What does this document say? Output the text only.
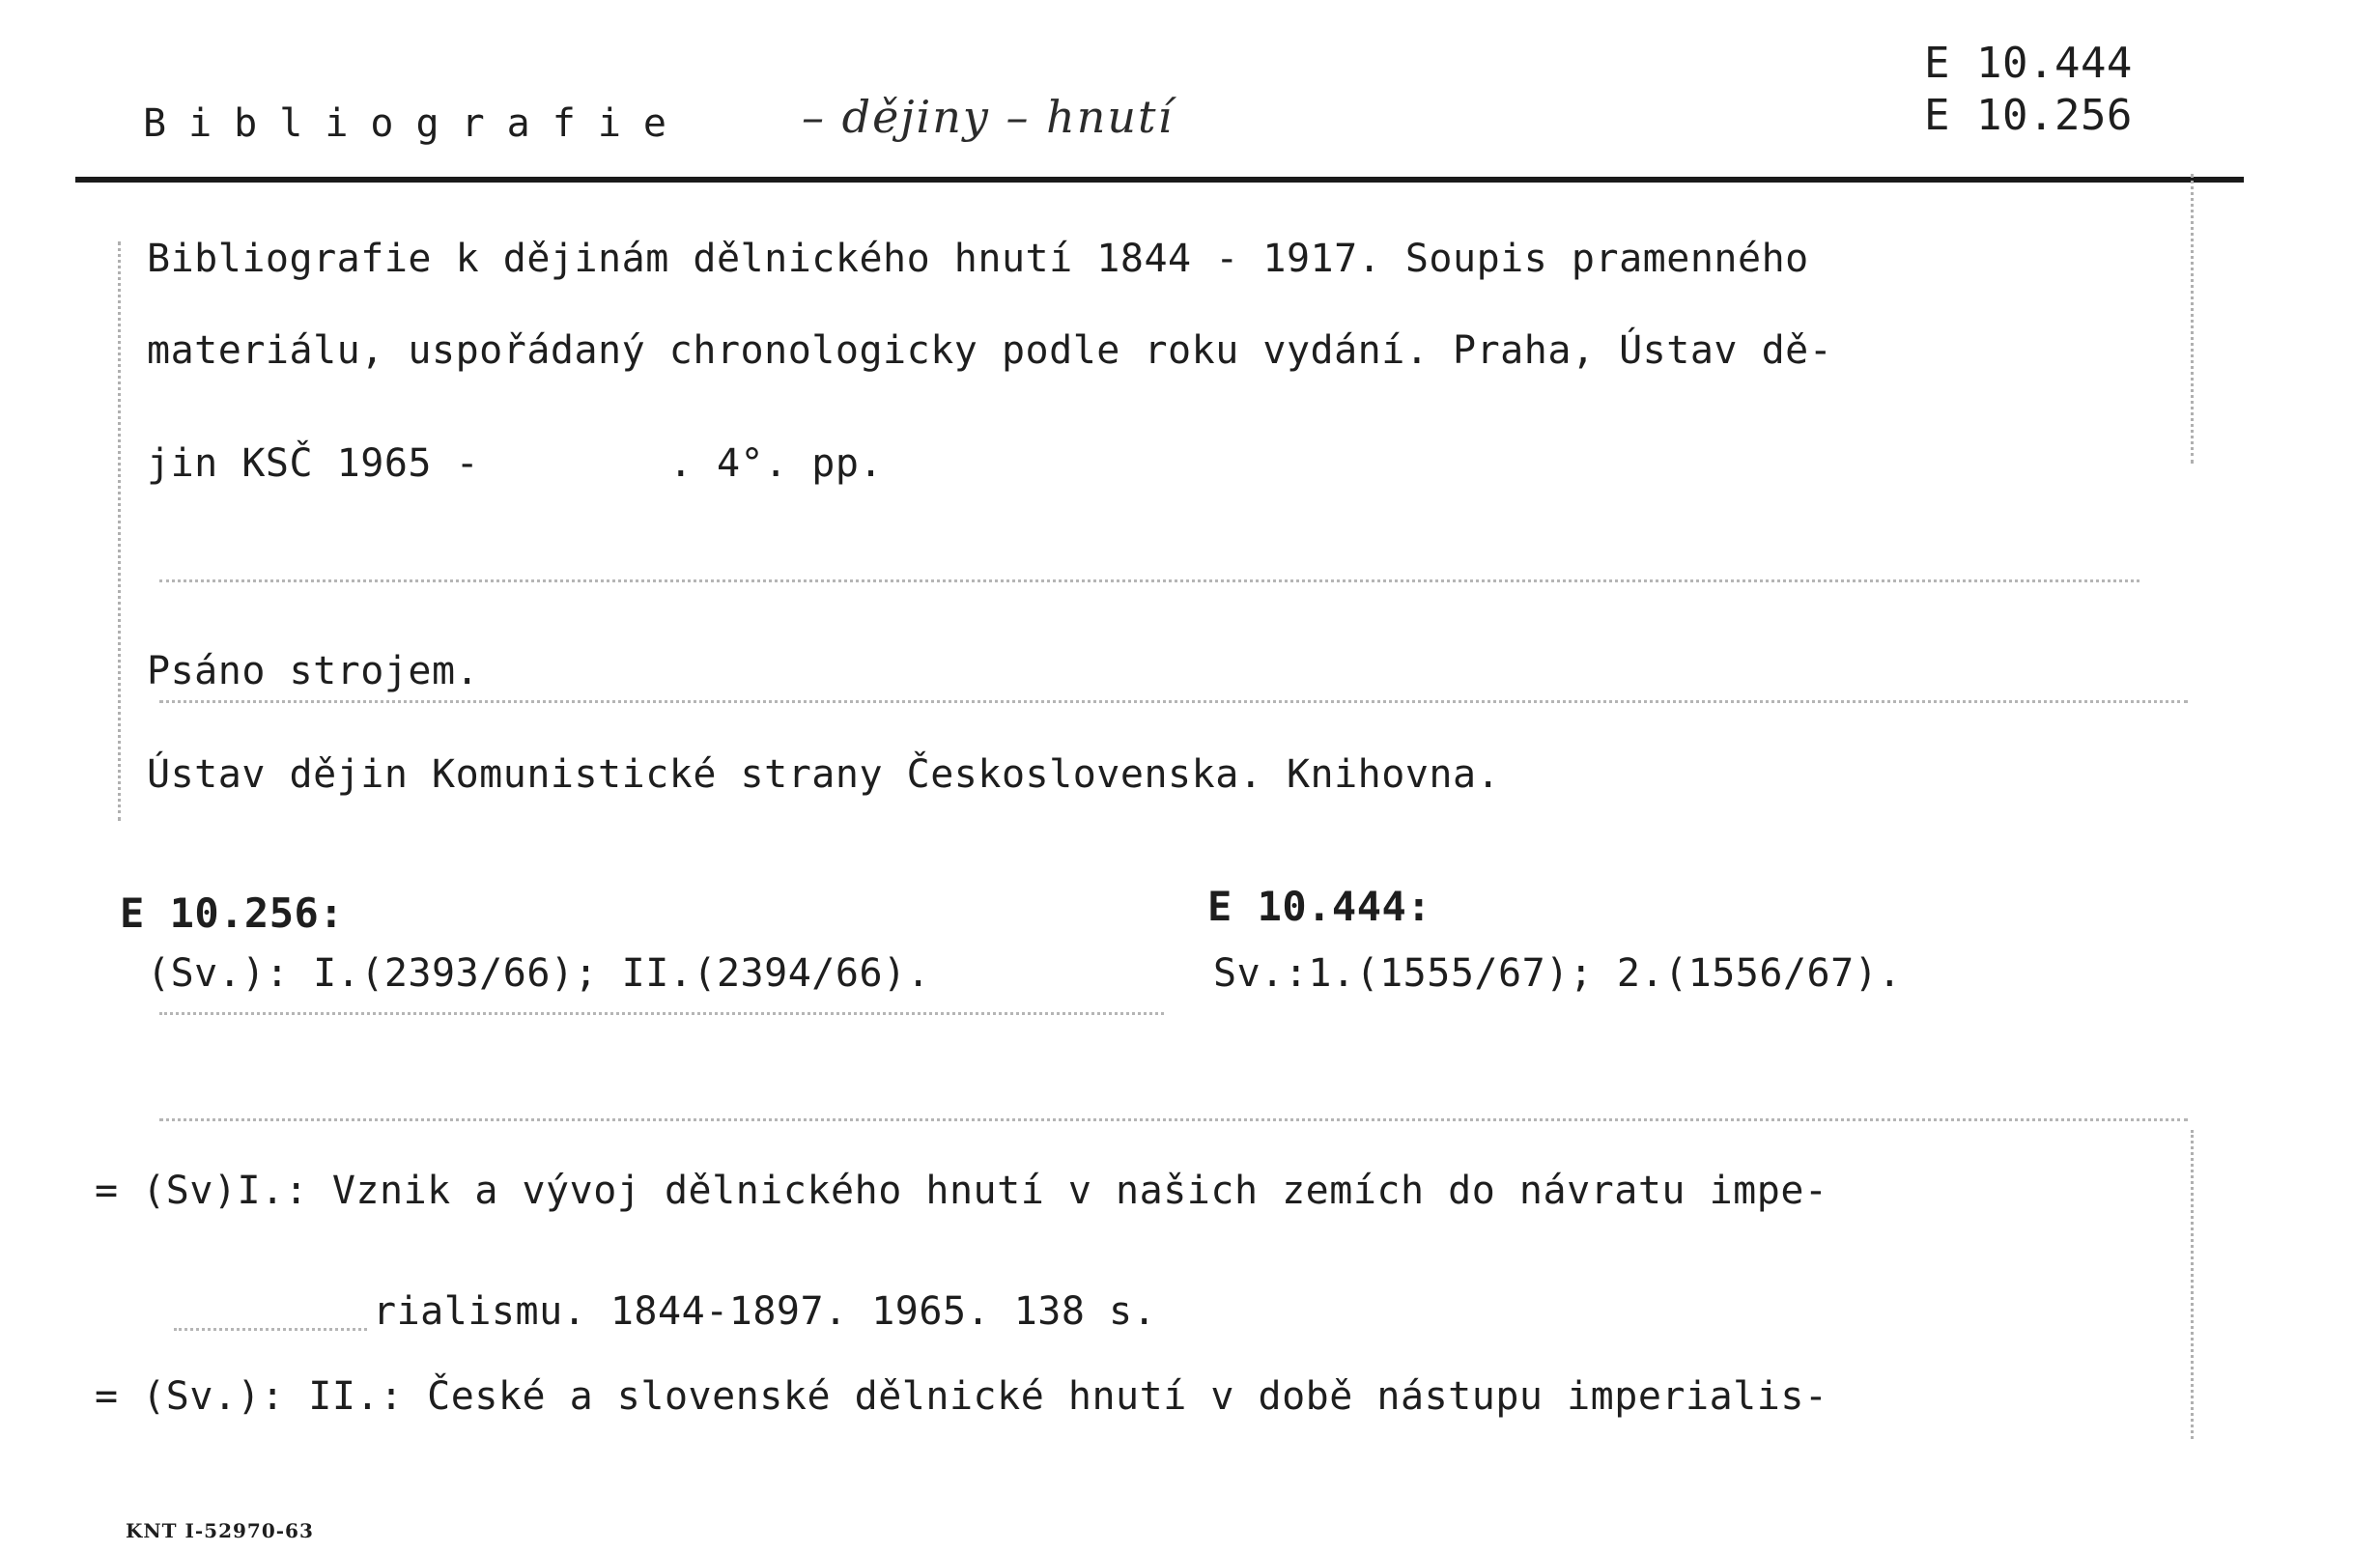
Bibliografie	– dějiny – hnutí
E 10.444
E 10.256
Bibliografie k dějinám dělnického hnutí 1844 - 1917. Soupis pramenného
materiálu, uspořádaný chronologicky podle roku vydání. Praha, Ústav dě-
jin KSČ 1965 -        . 4°. pp.
Psáno strojem.
Ústav dějin Komunistické strany Československa. Knihovna.
E 10.256:
(Sv.): I.(2393/66); II.(2394/66).
E 10.444:
Sv.:1.(1555/67); 2.(1556/67).
= (Sv)I.: Vznik a vývoj dělnického hnutí v našich zemích do návratu impe-
rialismu. 1844-1897. 1965. 138 s.
= (Sv.): II.: České a slovenské dělnické hnutí v době nástupu imperialis-
KNT I-52970-63
